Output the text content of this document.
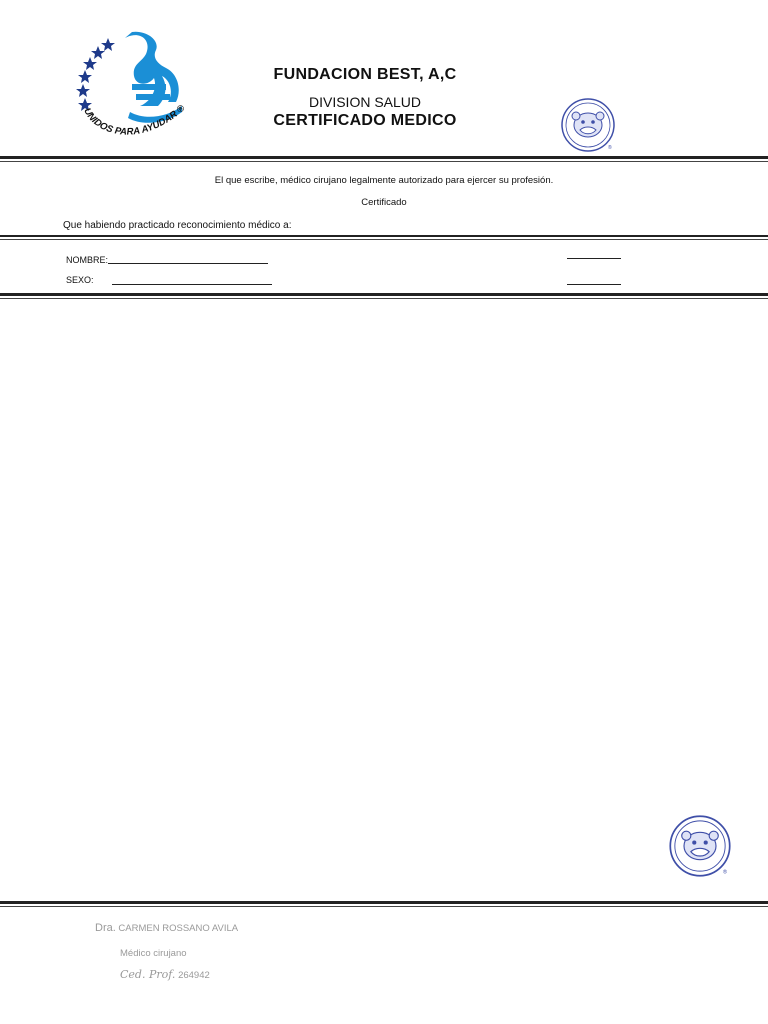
UNIDOS PARA AYUDAR ®
FUNDACION BEST, A,C
DIVISION SALUD
CERTIFICADO MEDICO
®
El que escribe, médico cirujano legalmente autorizado para ejercer su profesión.
Certificado
Que habiendo practicado reconocimiento médico a:
NOMBRE:
SEXO:
®
Dra. CARMEN ROSSANO AVILA
Médico cirujano
Ced. Prof. 264942
